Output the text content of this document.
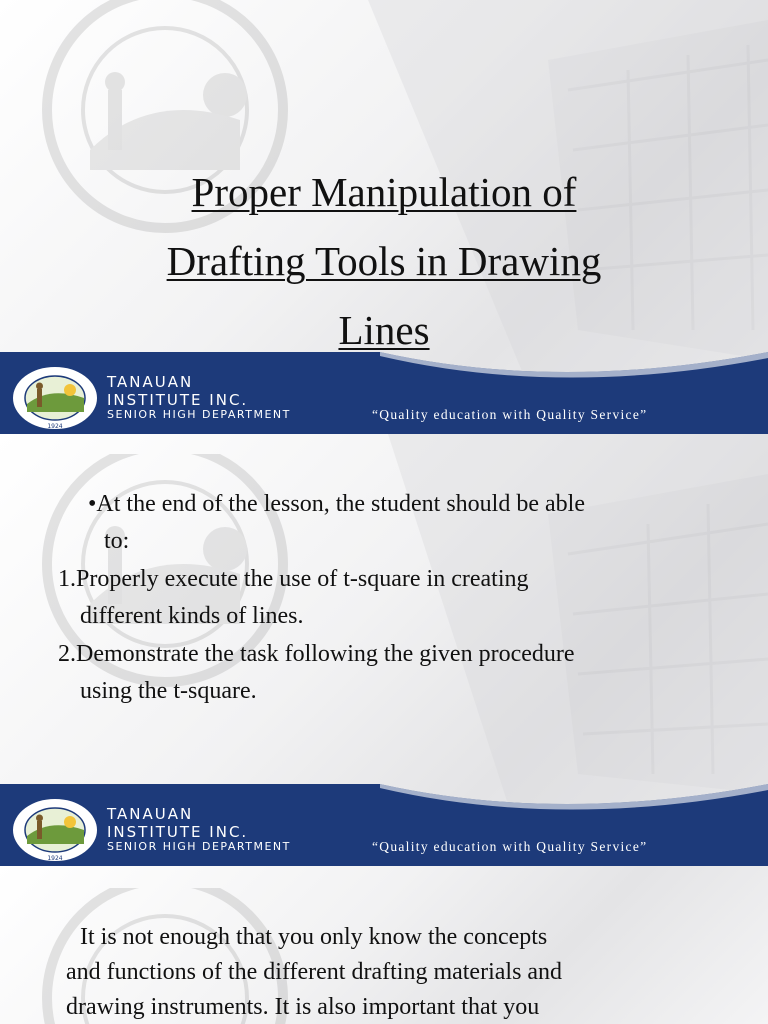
Proper Manipulation of
Drafting Tools in Drawing
Lines
1924
TANAUAN
INSTITUTE INC.
SENIOR HIGH DEPARTMENT	“Quality education with Quality Service”
•At the end of the lesson, the student should be able
to:
1.Properly execute the use of t-square in creating
different kinds of lines.
2.Demonstrate the task following the given procedure
using the t-square.
1924
TANAUAN
INSTITUTE INC.
SENIOR HIGH DEPARTMENT	“Quality education with Quality Service”
It is not enough that you only know the concepts
and functions of the different drafting materials and
drawing instruments. It is also important that you
